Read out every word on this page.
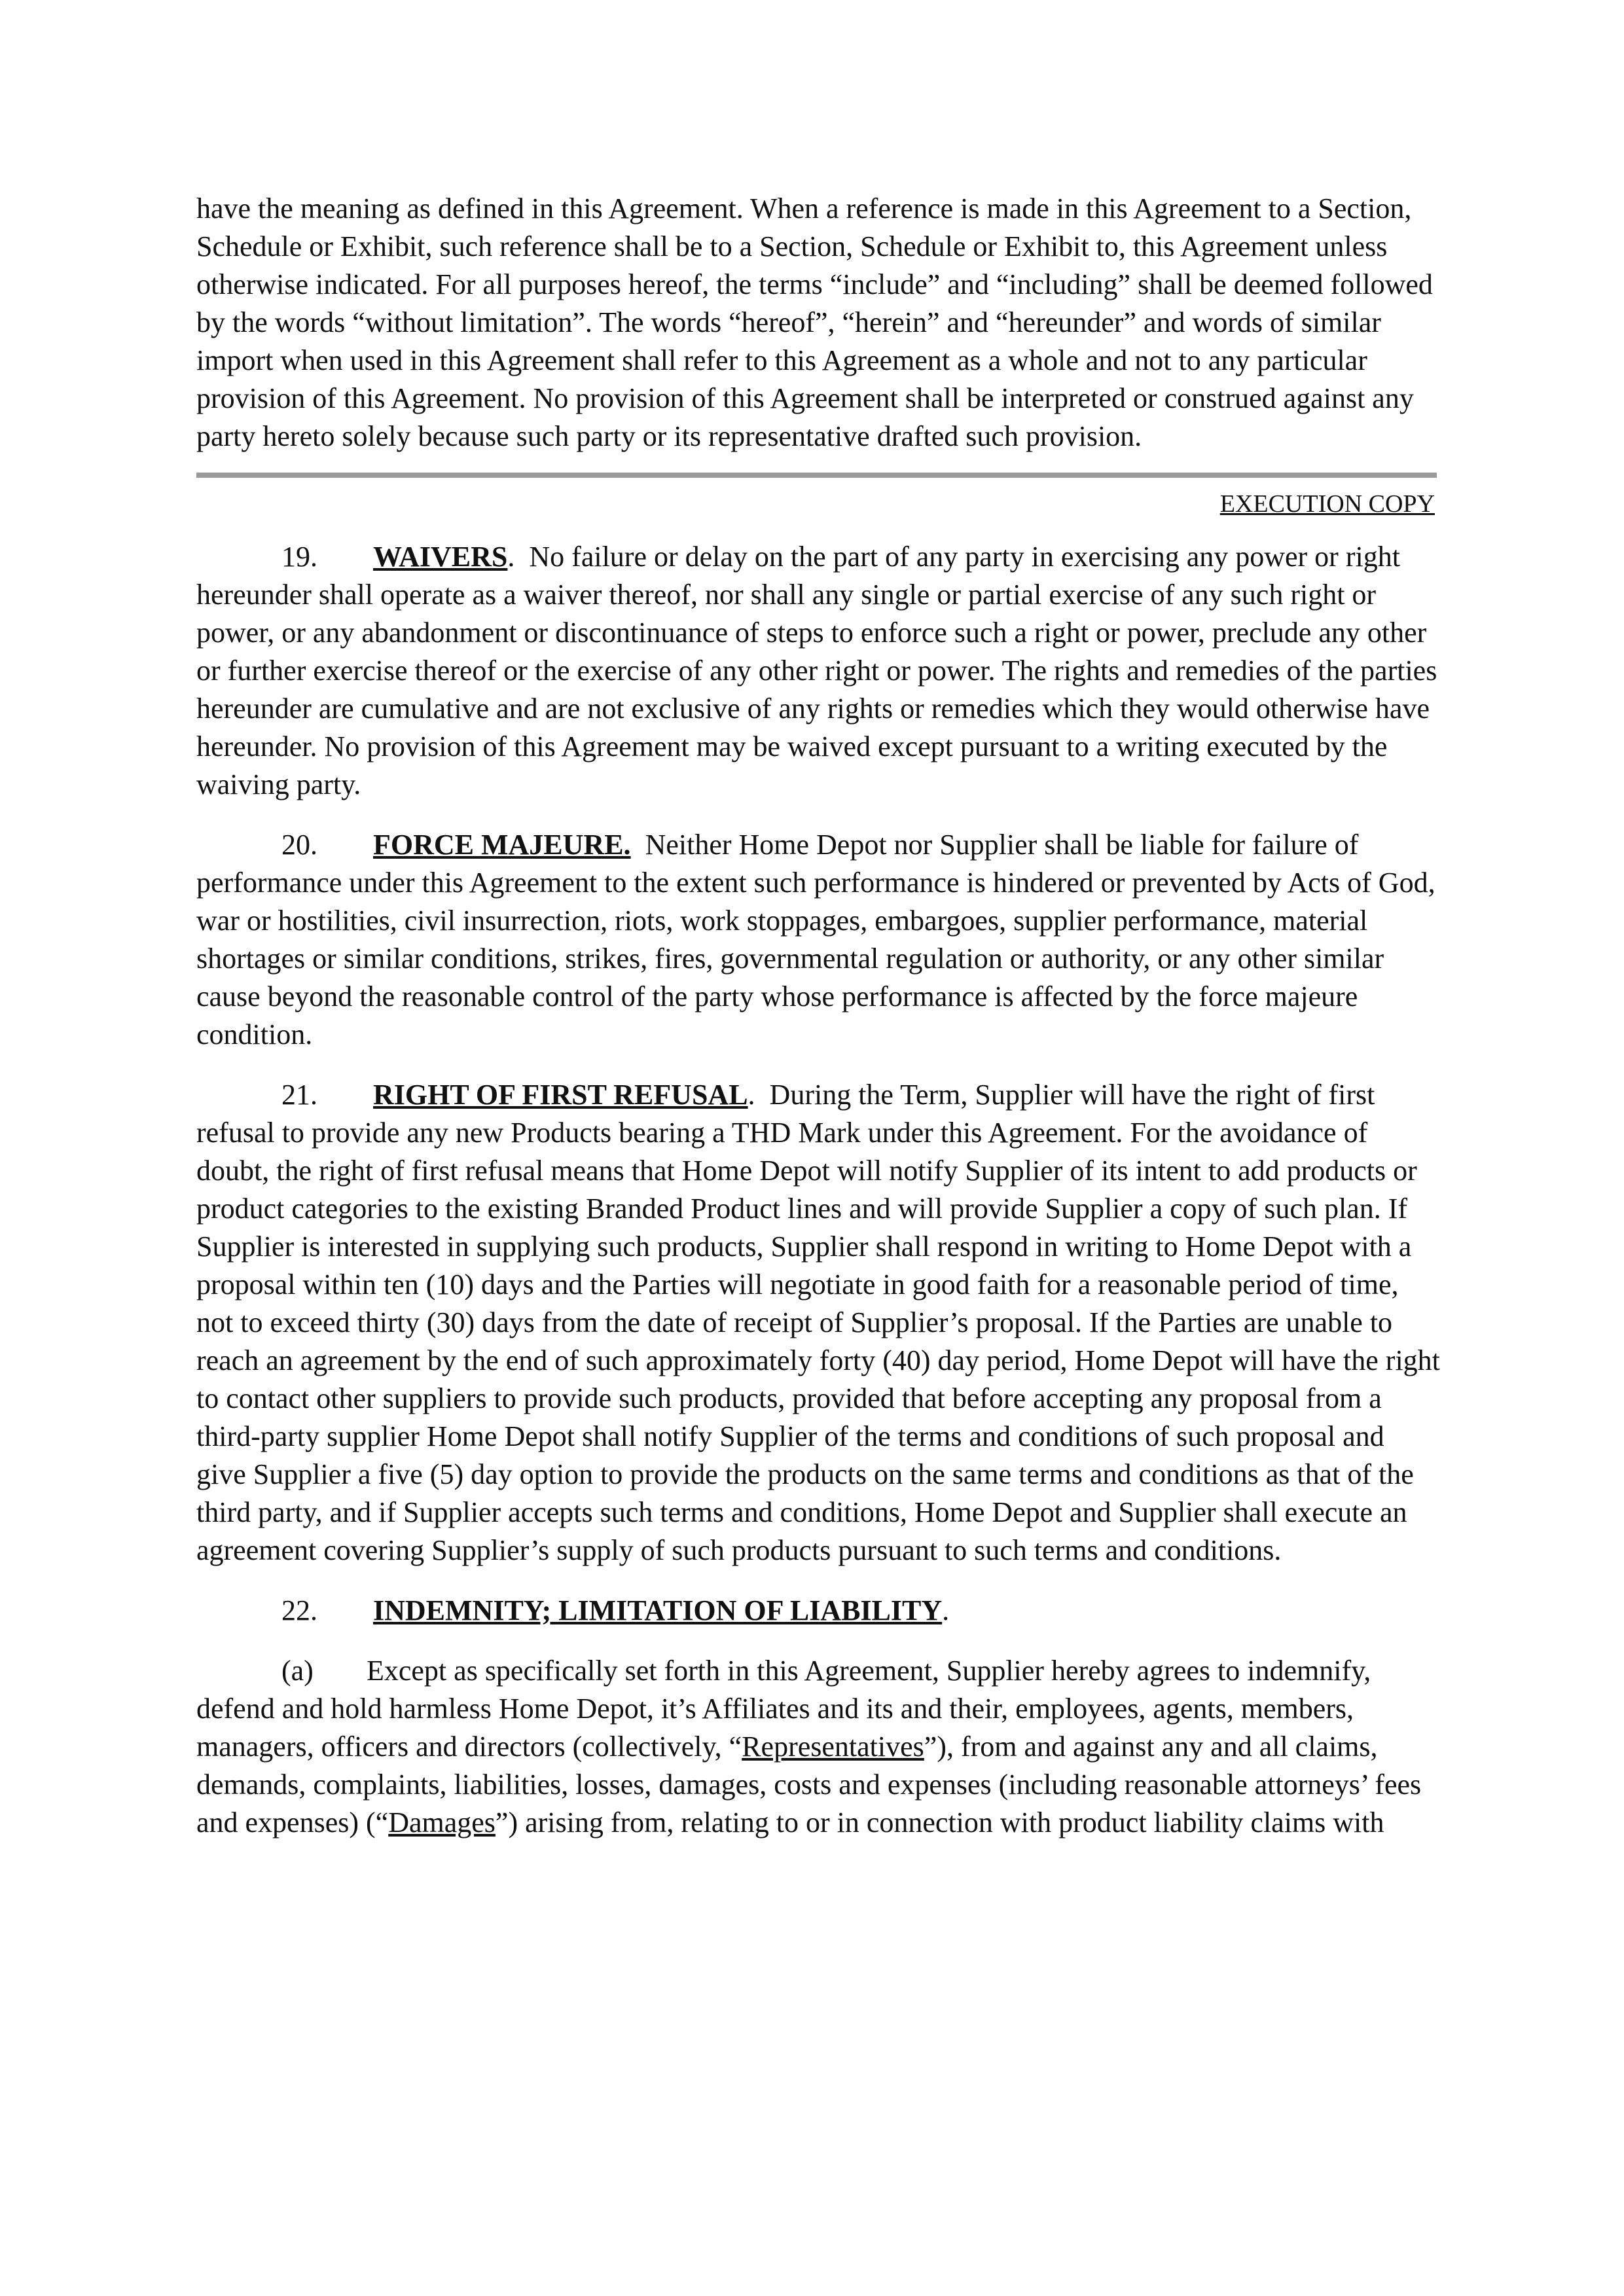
have the meaning as defined in this Agreement. When a reference is made in this Agreement to a Section, Schedule or Exhibit, such reference shall be to a Section, Schedule or Exhibit to, this Agreement unless otherwise indicated. For all purposes hereof, the terms “include” and “including” shall be deemed followed by the words “without limitation”. The words “hereof”, “herein” and “hereunder” and words of similar import when used in this Agreement shall refer to this Agreement as a whole and not to any particular provision of this Agreement. No provision of this Agreement shall be interpreted or construed against any party hereto solely because such party or its representative drafted such provision.

EXECUTION COPY

19. WAIVERS. No failure or delay on the part of any party in exercising any power or right hereunder shall operate as a waiver thereof, nor shall any single or partial exercise of any such right or power, or any abandonment or discontinuance of steps to enforce such a right or power, preclude any other or further exercise thereof or the exercise of any other right or power. The rights and remedies of the parties hereunder are cumulative and are not exclusive of any rights or remedies which they would otherwise have hereunder. No provision of this Agreement may be waived except pursuant to a writing executed by the waiving party.

20. FORCE MAJEURE. Neither Home Depot nor Supplier shall be liable for failure of performance under this Agreement to the extent such performance is hindered or prevented by Acts of God, war or hostilities, civil insurrection, riots, work stoppages, embargoes, supplier performance, material shortages or similar conditions, strikes, fires, governmental regulation or authority, or any other similar cause beyond the reasonable control of the party whose performance is affected by the force majeure condition.

21. RIGHT OF FIRST REFUSAL. During the Term, Supplier will have the right of first refusal to provide any new Products bearing a THD Mark under this Agreement. For the avoidance of doubt, the right of first refusal means that Home Depot will notify Supplier of its intent to add products or product categories to the existing Branded Product lines and will provide Supplier a copy of such plan. If Supplier is interested in supplying such products, Supplier shall respond in writing to Home Depot with a proposal within ten (10) days and the Parties will negotiate in good faith for a reasonable period of time, not to exceed thirty (30) days from the date of receipt of Supplier’s proposal. If the Parties are unable to reach an agreement by the end of such approximately forty (40) day period, Home Depot will have the right to contact other suppliers to provide such products, provided that before accepting any proposal from a third-party supplier Home Depot shall notify Supplier of the terms and conditions of such proposal and give Supplier a five (5) day option to provide the products on the same terms and conditions as that of the third party, and if Supplier accepts such terms and conditions, Home Depot and Supplier shall execute an agreement covering Supplier’s supply of such products pursuant to such terms and conditions.

22. INDEMNITY; LIMITATION OF LIABILITY.

(a) Except as specifically set forth in this Agreement, Supplier hereby agrees to indemnify, defend and hold harmless Home Depot, it’s Affiliates and its and their, employees, agents, members, managers, officers and directors (collectively, “Representatives”), from and against any and all claims, demands, complaints, liabilities, losses, damages, costs and expenses (including reasonable attorneys’ fees and expenses) (“Damages”) arising from, relating to or in connection with product liability claims with
